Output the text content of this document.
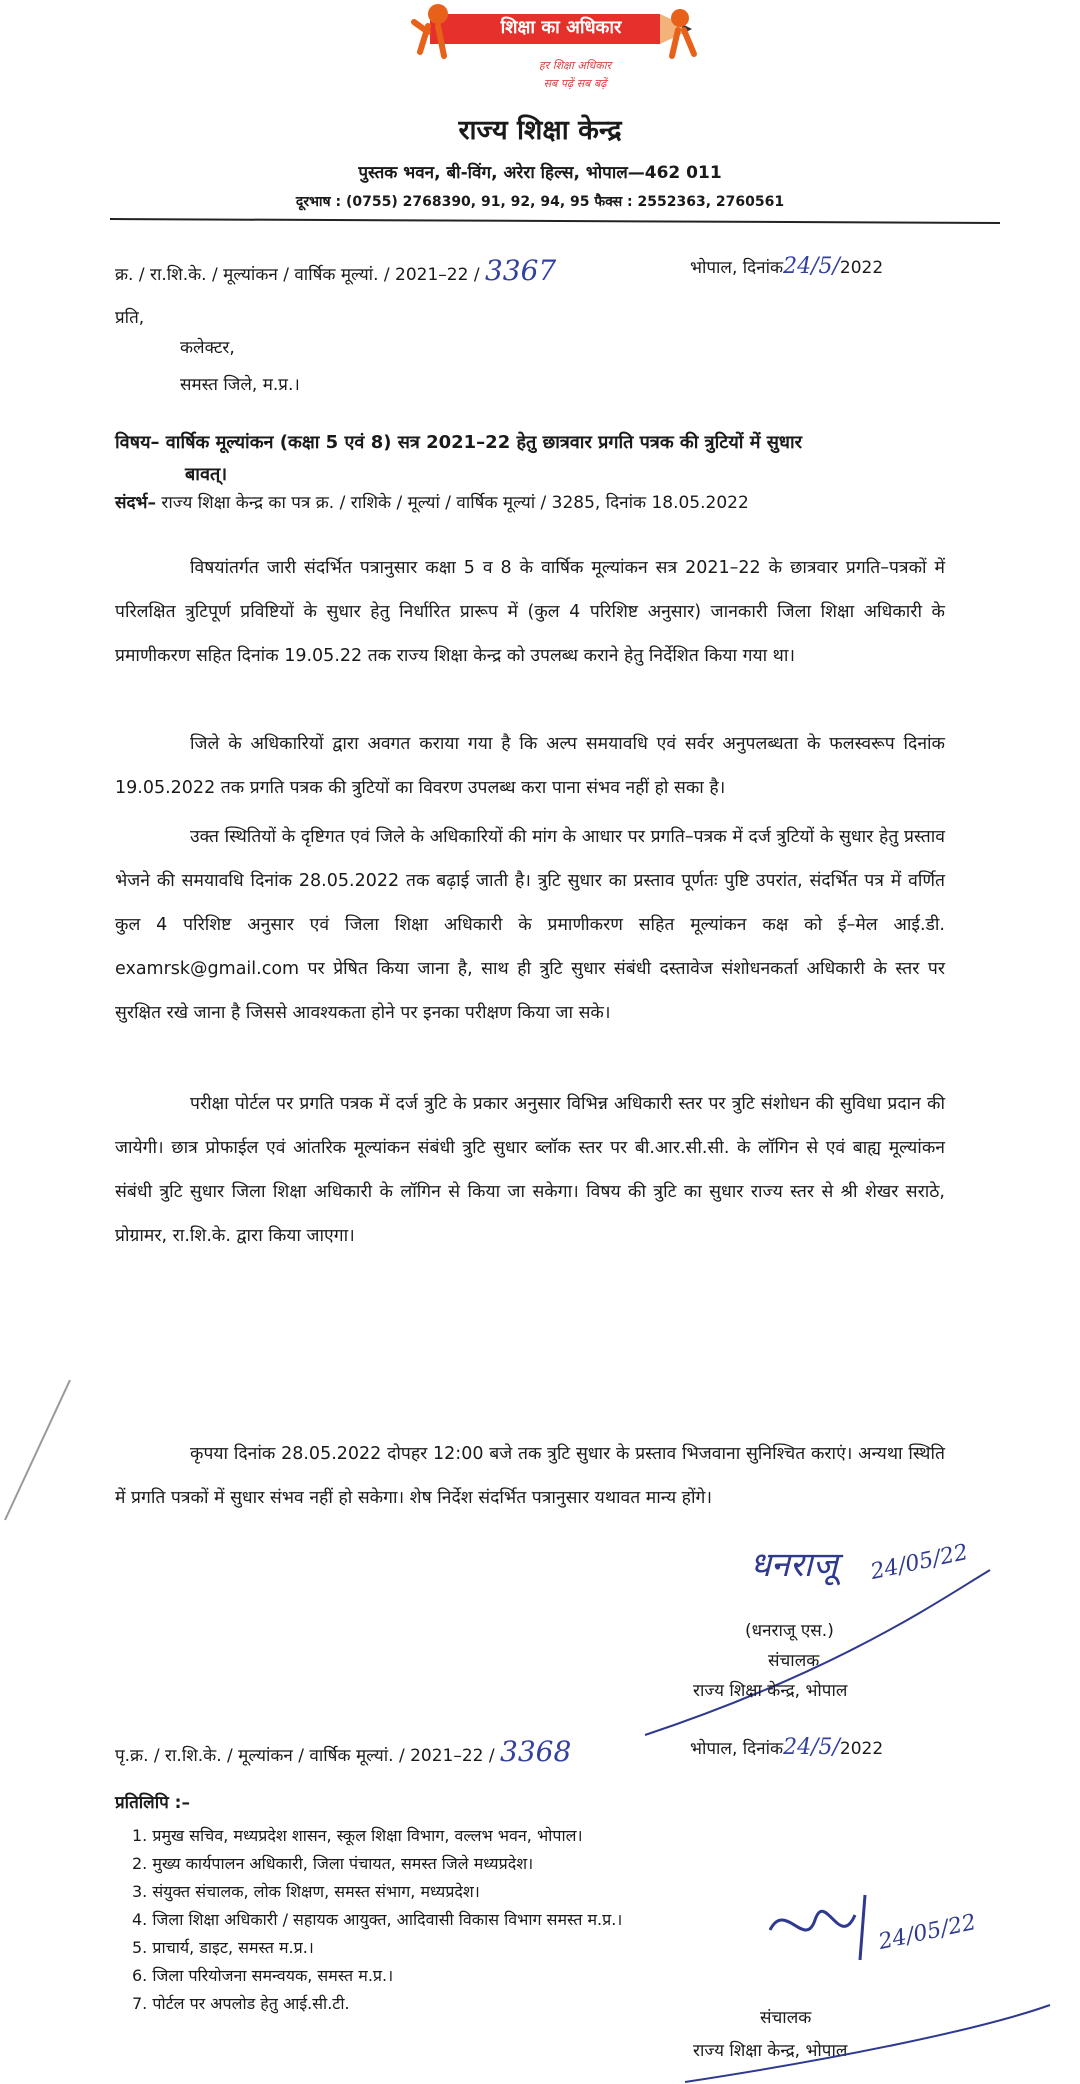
शिक्षा का अधिकार
हर शिक्षा अधिकार
सब पढ़ें सब बढ़ें
राज्य शिक्षा केन्द्र
पुस्तक भवन, बी-विंग, अरेरा हिल्स, भोपाल—462 011
दूरभाष : (0755) 2768390, 91, 92, 94, 95 फैक्स : 2552363, 2760561
क्र. / रा.शि.के. / मूल्यांकन / वार्षिक मूल्यां. / 2021–22 / 3367	भोपाल, दिनांक24/5/2022
प्रति,
कलेक्टर,
समस्त जिले, म.प्र.।
विषय– वार्षिक मूल्यांकन (कक्षा 5 एवं 8) सत्र 2021–22 हेतु छात्रवार प्रगति पत्रक की त्रुटियों में सुधार
बावत्।
संदर्भ– राज्य शिक्षा केन्द्र का पत्र क्र. / राशिके / मूल्यां / वार्षिक मूल्यां / 3285, दिनांक 18.05.2022
विषयांतर्गत जारी संदर्भित पत्रानुसार कक्षा 5 व 8 के वार्षिक मूल्यांकन सत्र 2021–22 के छात्रवार प्रगति–पत्रकों में परिलक्षित त्रुटिपूर्ण प्रविष्टियों के सुधार हेतु निर्धारित प्रारूप में (कुल 4 परिशिष्ट अनुसार) जानकारी जिला शिक्षा अधिकारी के प्रमाणीकरण सहित दिनांक 19.05.22 तक राज्य शिक्षा केन्द्र को उपलब्ध कराने हेतु निर्देशित किया गया था।
जिले के अधिकारियों द्वारा अवगत कराया गया है कि अल्प समयावधि एवं सर्वर अनुपलब्धता के फलस्वरूप दिनांक 19.05.2022 तक प्रगति पत्रक की त्रुटियों का विवरण उपलब्ध करा पाना संभव नहीं हो सका है।
उक्त स्थितियों के दृष्टिगत एवं जिले के अधिकारियों की मांग के आधार पर प्रगति–पत्रक में दर्ज त्रुटियों के सुधार हेतु प्रस्ताव भेजने की समयावधि दिनांक 28.05.2022 तक बढ़ाई जाती है। त्रुटि सुधार का प्रस्ताव पूर्णतः पुष्टि उपरांत, संदर्भित पत्र में वर्णित कुल 4 परिशिष्ट अनुसार एवं जिला शिक्षा अधिकारी के प्रमाणीकरण सहित मूल्यांकन कक्ष को ई–मेल आई.डी. examrsk@gmail.com पर प्रेषित किया जाना है, साथ ही त्रुटि सुधार संबंधी दस्तावेज संशोधनकर्ता अधिकारी के स्तर पर सुरक्षित रखे जाना है जिससे आवश्यकता होने पर इनका परीक्षण किया जा सके।
परीक्षा पोर्टल पर प्रगति पत्रक में दर्ज त्रुटि के प्रकार अनुसार विभिन्न अधिकारी स्तर पर त्रुटि संशोधन की सुविधा प्रदान की जायेगी। छात्र प्रोफाईल एवं आंतरिक मूल्यांकन संबंधी त्रुटि सुधार ब्लॉक स्तर पर बी.आर.सी.सी. के लॉगिन से एवं बाह्य मूल्यांकन संबंधी त्रुटि सुधार जिला शिक्षा अधिकारी के लॉगिन से किया जा सकेगा। विषय की त्रुटि का सुधार राज्य स्तर से श्री शेखर सराठे, प्रोग्रामर, रा.शि.के. द्वारा किया जाएगा।
कृपया दिनांक 28.05.2022 दोपहर 12:00 बजे तक त्रुटि सुधार के प्रस्ताव भिजवाना सुनिश्चित कराएं। अन्यथा स्थिति में प्रगति पत्रकों में सुधार संभव नहीं हो सकेगा। शेष निर्देश संदर्भित पत्रानुसार यथावत मान्य होंगे।
धनराजू 24/05/22
(धनराजू एस.)
संचालक
राज्य शिक्षा केन्द्र, भोपाल
पृ.क्र. / रा.शि.के. / मूल्यांकन / वार्षिक मूल्यां. / 2021–22 / 3368	भोपाल, दिनांक24/5/2022
प्रतिलिपि :–
1. प्रमुख सचिव, मध्यप्रदेश शासन, स्कूल शिक्षा विभाग, वल्लभ भवन, भोपाल।
2. मुख्य कार्यपालन अधिकारी, जिला पंचायत, समस्त जिले मध्यप्रदेश।
3. संयुक्त संचालक, लोक शिक्षण, समस्त संभाग, मध्यप्रदेश।
4. जिला शिक्षा अधिकारी / सहायक आयुक्त, आदिवासी विकास विभाग समस्त म.प्र.।
5. प्राचार्य, डाइट, समस्त म.प्र.।
6. जिला परियोजना समन्वयक, समस्त म.प्र.।
7. पोर्टल पर अपलोड हेतु आई.सी.टी.
24/05/22
संचालक
राज्य शिक्षा केन्द्र, भोपाल
